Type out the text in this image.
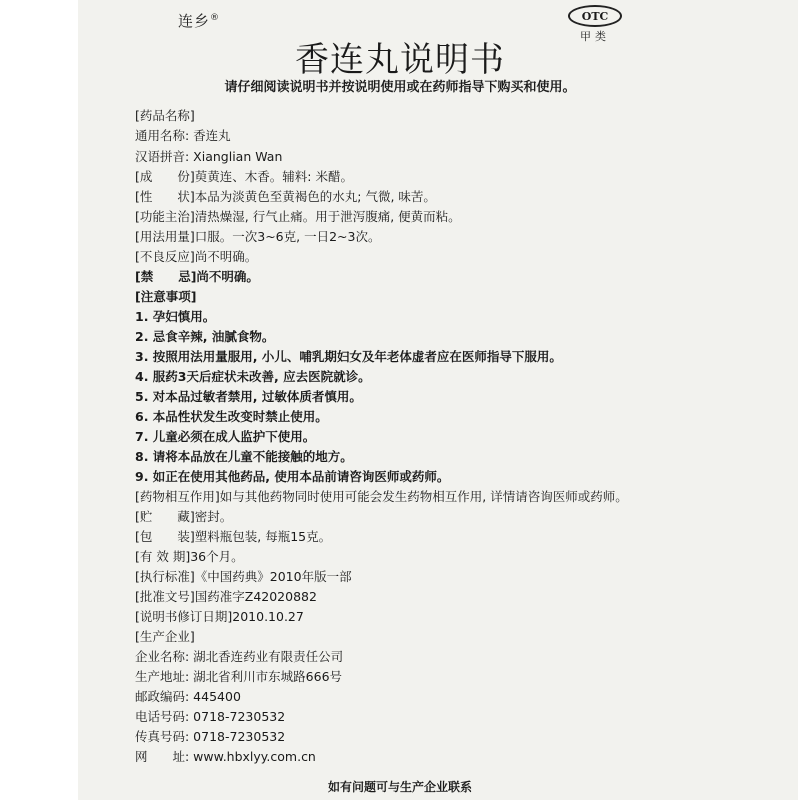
连乡®	OTC
甲类
香连丸说明书
请仔细阅读说明书并按说明使用或在药师指导下购买和使用。
[药品名称]
通用名称: 香连丸
汉语拼音: Xianglian Wan
[成　　份]萸黄连、木香。辅料: 米醋。
[性　　状]本品为淡黄色至黄褐色的水丸; 气微, 味苦。
[功能主治]清热燥湿, 行气止痛。用于泄泻腹痛, 便黄而粘。
[用法用量]口服。一次3~6克, 一日2~3次。
[不良反应]尚不明确。
[禁　　忌]尚不明确。
[注意事项]
1. 孕妇慎用。
2. 忌食辛辣, 油腻食物。
3. 按照用法用量服用, 小儿、哺乳期妇女及年老体虚者应在医师指导下服用。
4. 服药3天后症状未改善, 应去医院就诊。
5. 对本品过敏者禁用, 过敏体质者慎用。
6. 本品性状发生改变时禁止使用。
7. 儿童必须在成人监护下使用。
8. 请将本品放在儿童不能接触的地方。
9. 如正在使用其他药品, 使用本品前请咨询医师或药师。
[药物相互作用]如与其他药物同时使用可能会发生药物相互作用, 详情请咨询医师或药师。
[贮　　藏]密封。
[包　　装]塑料瓶包装, 每瓶15克。
[有 效 期]36个月。
[执行标准]《中国药典》2010年版一部
[批准文号]国药准字Z42020882
[说明书修订日期]2010.10.27
[生产企业]
企业名称: 湖北香连药业有限责任公司
生产地址: 湖北省利川市东城路666号
邮政编码: 445400
电话号码: 0718-7230532
传真号码: 0718-7230532
网　　址: www.hbxlyy.com.cn
如有问题可与生产企业联系
